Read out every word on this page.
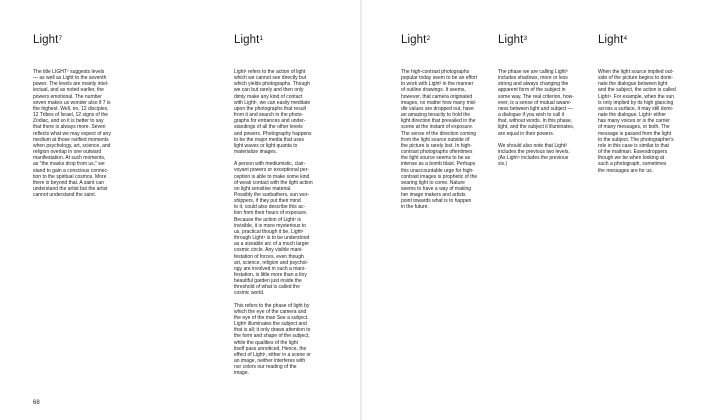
Light$^7$

The title LIGHT⁷ suggests levels
— as well as Light to the seventh
power. The levels are mainly intel-
lectual, and as noted earlier, the
powers emotional. The number
seven makes us wonder also if 7 is
the highest. Well, no, 12 disciples,
12 Tribes of Israel, 12 signs of the
Zodiac, and so it is better to say
that there is always more. Seven
reflects what we may expect of any
medium at those rarified moments
when psychology, art, science, and
religion overlap in one outward
manifestation. At such moments,
as "the masks drop from us," we
stand to gain a conscious connec-
tion to the spiritual cosmos. More
there is beyond that. A saint can
understand the artist but the artist
cannot understand the saint.

Light$^1$

Light¹ refers to the action of light
which we cannot see directly but
which yields photographs. Though
we can but rarely and then only
dimly make any kind of contact
with Light¹, we can easily meditate
upon the photographs that result
from it and search in the photo-
graphs for entrances and under-
standings of all the other levels
and powers. Photography happens
to be the major media that uses
light waves or light quanta to
materialize images.

A person with mediumistic, clair-
voyant powers or exceptional per-
ception is able to make some kind
of weak contact with the light action
on light sensitive material.
Possibly the sunbathers, sun wor-
shippers, if they put their mind
to it, could also describe this ac-
tion from their hours of exposure.
Because the action of Light¹ is
invisible, it is more mysterious to
us, practical though it be. Light¹
through Light⁴ is to be understood
as a sizeable arc of a much larger
cosmic circle. Any visible mani-
festation of forces, even though
art, science, religion and psychol-
ogy are involved in such a mani-
festation, is little more than a tiny
beautiful garden just inside the
threshold of what is called the
cosmic world.

This refers to the phase of light by
which the eye of the camera and
the eye of the man See a subject.
Light¹ illuminates the subject and
that is all; it only draws attention to
the form and shape of the subject,
while the qualities of the light
itself pass unnoticed. Hence, the
effect of Light¹, either in a scene or
an image, neither interferes with
nor colors our reading of the
image.

Light$^2$

The high-contrast photographs
popular today seem to be an effort
to work with Light² in the manner
of outline drawings. It seems,
however, that camera originated
images, no matter how many mid-
dle values are dropped out, have
an amazing tenacity to hold the
light direction that prevailed in the
scene at the instant of exposure.
The sense of the direction coming
from the light source outside of
the picture is rarely lost. In high-
contrast photographs oftentimes
the light source seems to be as
intense as a bomb blast. Perhaps
this unaccountable urge for high-
contrast images is prophetic of the
searing light to come. Nature
seems to have a way of making
her image makers and artists
point towards what is to happen
in the future.

Light$^3$

The phase we are calling Light³
includes shadows, more or less
strong and always changing the
apparent form of the subject in
some way. The real criterion, how-
ever, is a sense of mutual aware-
ness between light and subject —
a dialogue if you wish to call it
that, without words. In this phase,
light, and the subject it illuminates,
are equal in their powers.

We should also note that Light³
includes the previous two levels.
(As Light⁴ includes the previous
six.)

Light$^4$

When the light source implied out-
side of the picture begins to domi-
nate the dialogue between light
and the subject, the action is called
Light⁴. For example, when the sun
is only implied by its high glancing
across a surface, it may still domi-
nate the dialogue. Light⁴ either
has many voices or is the carrier
of many messages, or both. The
message is passed from the light
to the subject. The photographer's
role in this case is similar to that
of the mailman. Eavesdroppers
though we be when looking at
such a photograph, sometimes
the messages are for us.

68
